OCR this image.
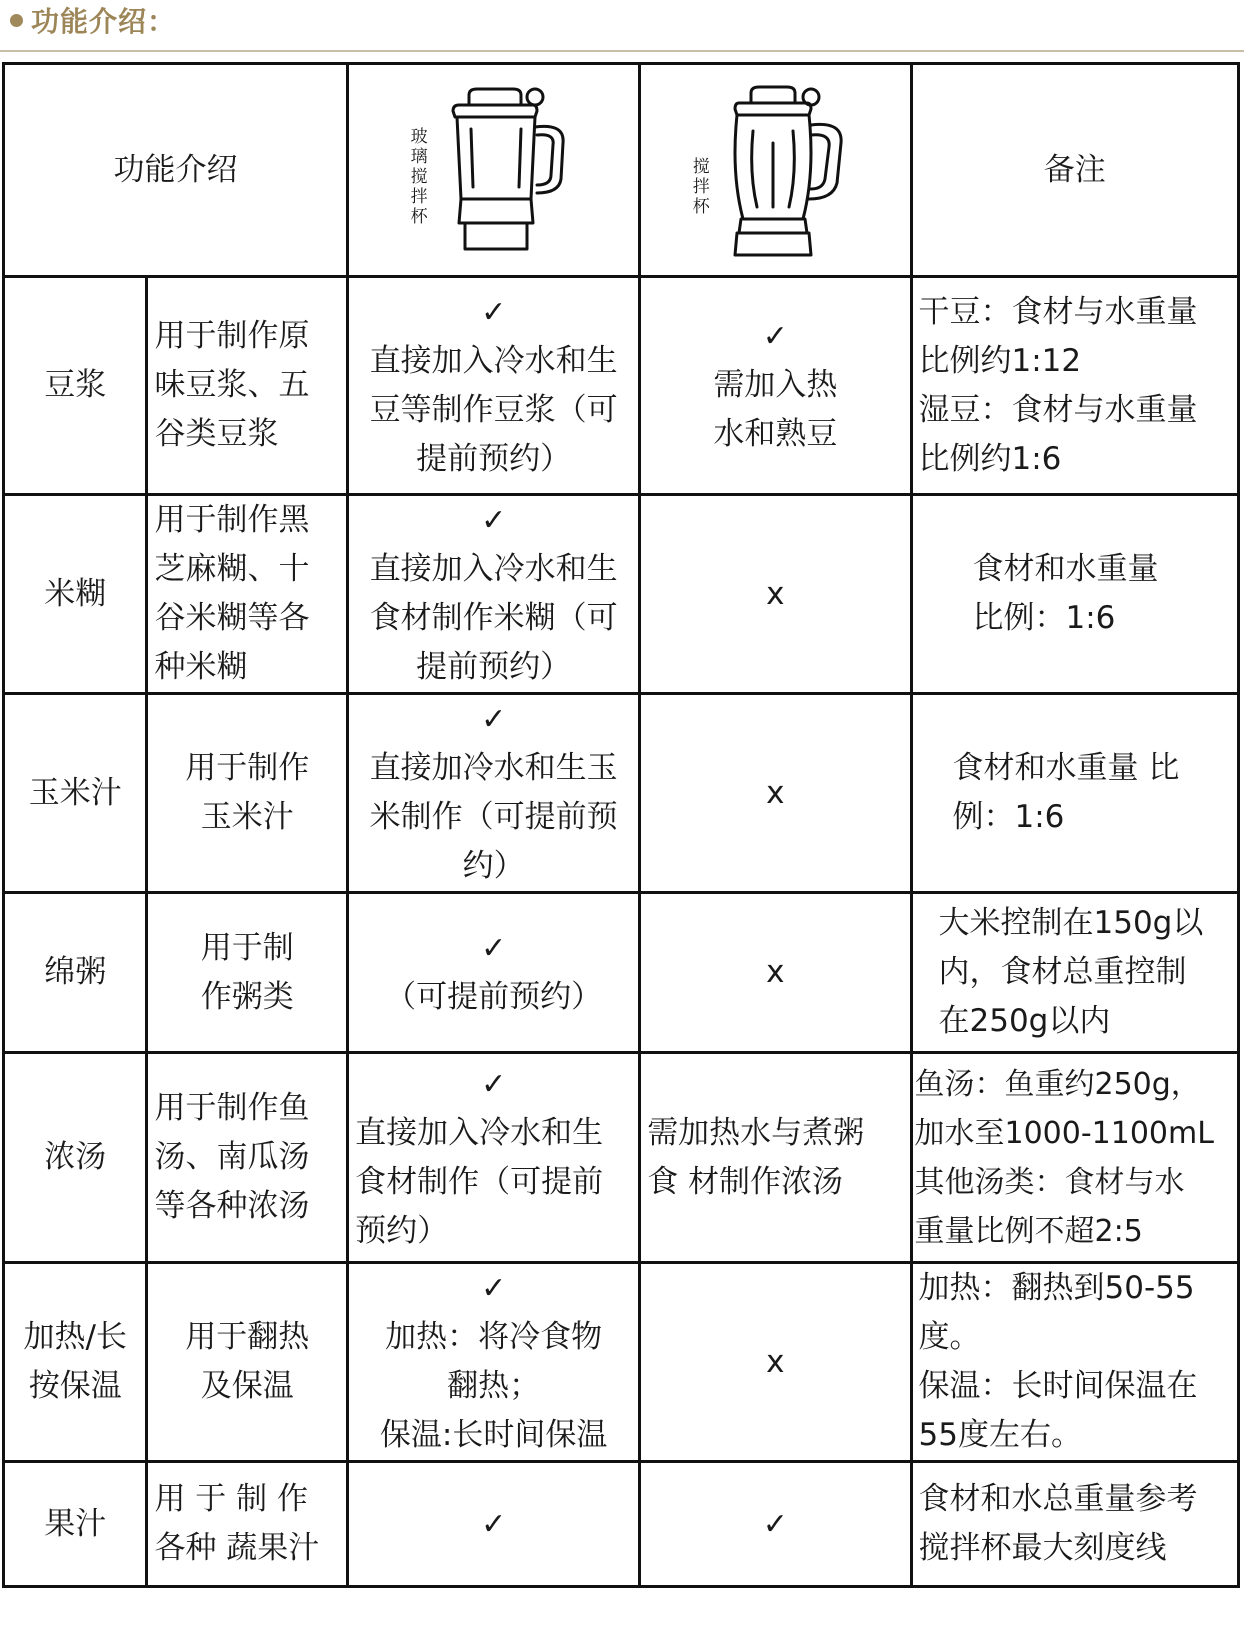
功能介绍：
功能介绍		玻璃搅拌杯	搅拌杯	备注
豆浆	用于制作原
味豆浆、五
谷类豆浆	✓
直接加入冷水和生
豆等制作豆浆（可
提前预约）	✓
需加入热
水和熟豆	干豆：食材与水重量
比例约1:12
湿豆：食材与水重量
比例约1:6

米糊	用于制作黑
芝麻糊、十
谷米糊等各
种米糊	✓
直接加入冷水和生
食材制作米糊（可
提前预约）	x	食材和水重量
比例：1:6

玉米汁	用于制作
玉米汁	✓
直接加冷水和生玉
米制作（可提前预
约）	x	食材和水重量 比
例：1:6

绵粥	用于制
作粥类	✓
（可提前预约）	x	大米控制在150g以
内，食材总重控制
在250g以内

浓汤	用于制作鱼
汤、南瓜汤
等各种浓汤	✓
直接加入冷水和生
食材制作（可提前
预约）	需加热水与煮粥
食 材制作浓汤	鱼汤：鱼重约250g，
加水至1000-1100mL
其他汤类：食材与水
重量比例不超2:5

加热/长
按保温	用于翻热
及保温	✓
加热：将冷食物
翻热；
保温:长时间保温	x	加热：翻热到50-55
度。
保温：长时间保温在
55度左右。

果汁	用 于 制 作
各种 蔬果汁	✓	✓	食材和水总重量参考
搅拌杯最大刻度线
